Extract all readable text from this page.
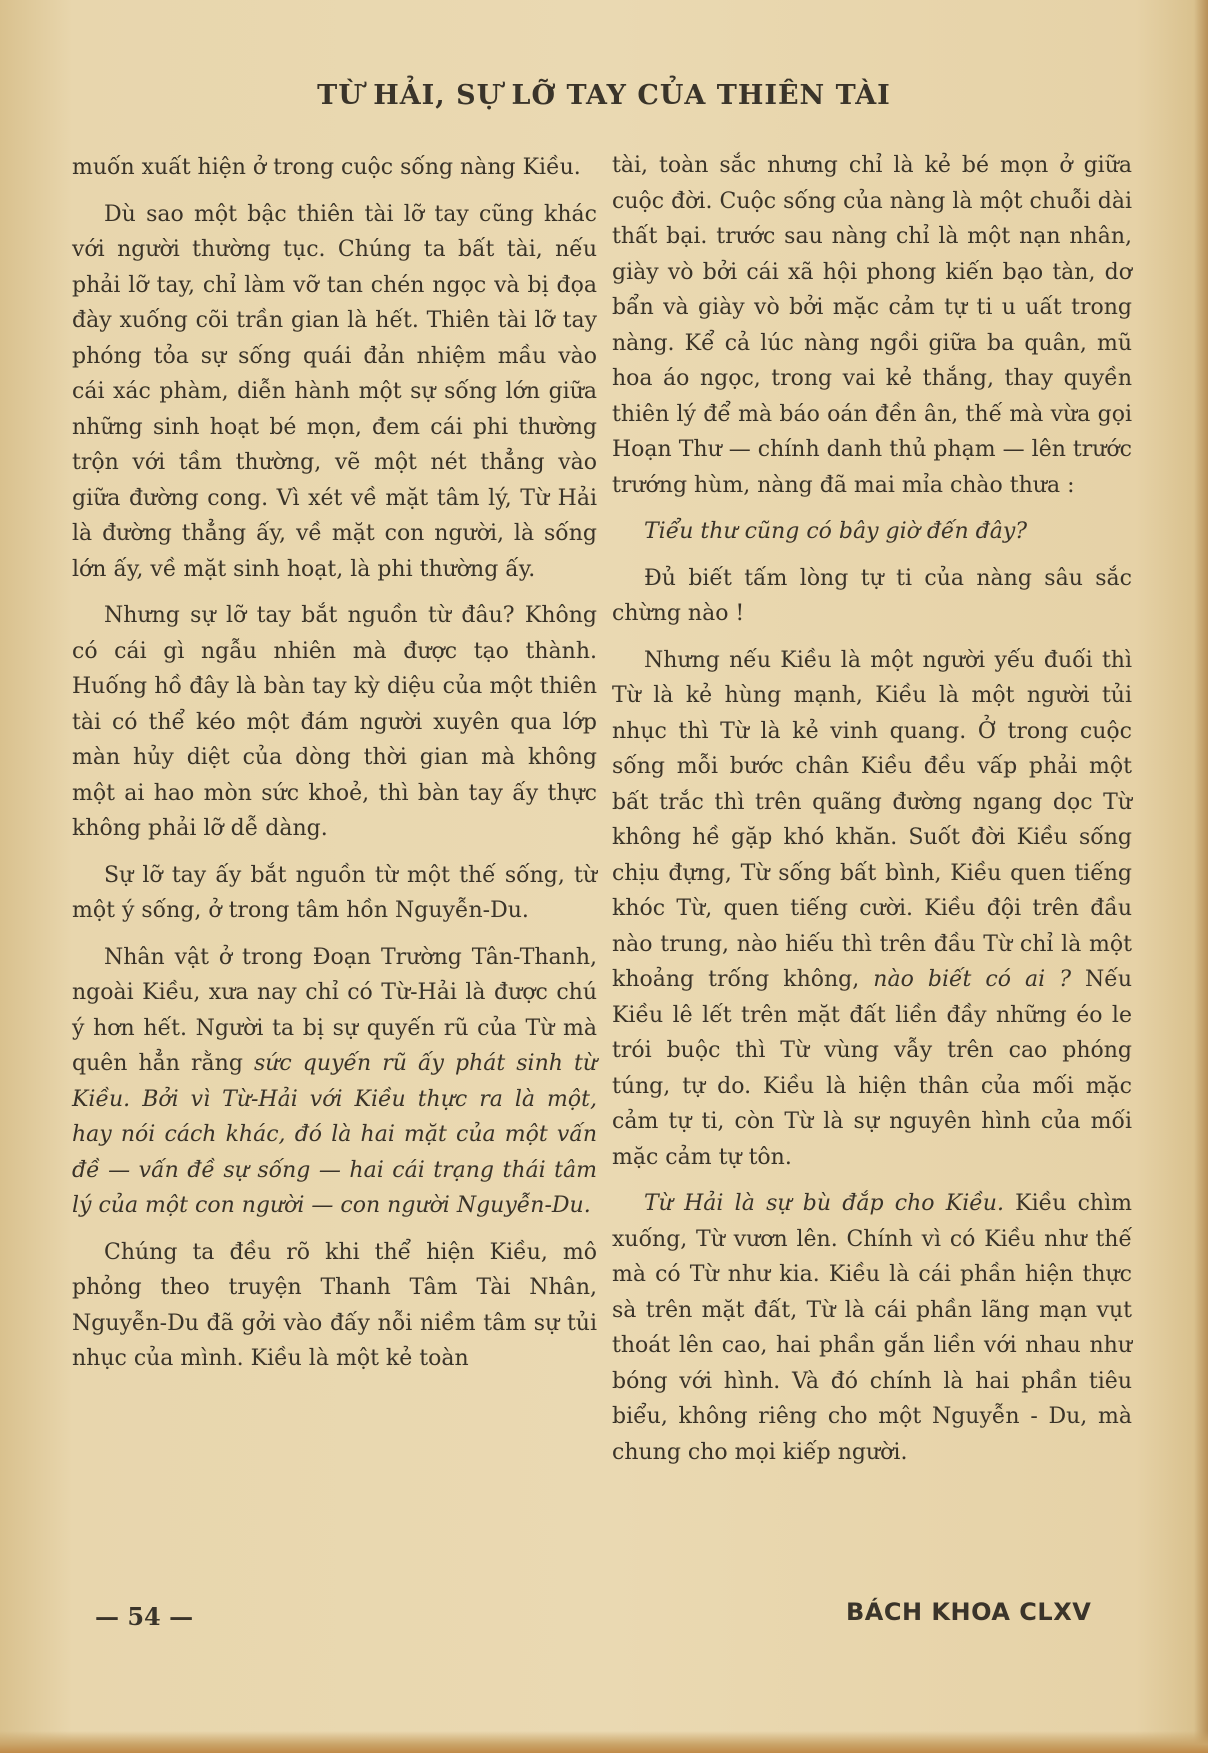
TỪ HẢI, SỰ LỠ TAY CỦA THIÊN TÀI

muốn xuất hiện ở trong cuộc sống nàng Kiều.

Dù sao một bậc thiên tài lỡ tay cũng khác với người thường tục. Chúng ta bất tài, nếu phải lỡ tay, chỉ làm vỡ tan chén ngọc và bị đọa đày xuống cõi trần gian là hết. Thiên tài lỡ tay phóng tỏa sự sống quái đản nhiệm mầu vào cái xác phàm, diễn hành một sự sống lớn giữa những sinh hoạt bé mọn, đem cái phi thường trộn với tầm thường, vẽ một nét thẳng vào giữa đường cong. Vì xét về mặt tâm lý, Từ Hải là đường thẳng ấy, về mặt con người, là sống lớn ấy, về mặt sinh hoạt, là phi thường ấy.

Nhưng sự lỡ tay bắt nguồn từ đâu? Không có cái gì ngẫu nhiên mà được tạo thành. Huống hồ đây là bàn tay kỳ diệu của một thiên tài có thể kéo một đám người xuyên qua lớp màn hủy diệt của dòng thời gian mà không một ai hao mòn sức khoẻ, thì bàn tay ấy thực không phải lỡ dễ dàng.

Sự lỡ tay ấy bắt nguồn từ một thế sống, từ một ý sống, ở trong tâm hồn Nguyễn-Du.

Nhân vật ở trong Đoạn Trường Tân-Thanh, ngoài Kiều, xưa nay chỉ có Từ-Hải là được chú ý hơn hết. Người ta bị sự quyến rũ của Từ mà quên hẳn rằng sức quyến rũ ấy phát sinh từ Kiều. Bởi vì Từ-Hải với Kiều thực ra là một, hay nói cách khác, đó là hai mặt của một vấn đề — vấn đề sự sống — hai cái trạng thái tâm lý của một con người — con người Nguyễn-Du.

Chúng ta đều rõ khi thể hiện Kiều, mô phỏng theo truyện Thanh Tâm Tài Nhân, Nguyễn-Du đã gởi vào đấy nỗi niềm tâm sự tủi nhục của mình. Kiều là một kẻ toàn

tài, toàn sắc nhưng chỉ là kẻ bé mọn ở giữa cuộc đời. Cuộc sống của nàng là một chuỗi dài thất bại. trước sau nàng chỉ là một nạn nhân, giày vò bởi cái xã hội phong kiến bạo tàn, dơ bẩn và giày vò bởi mặc cảm tự ti u uất trong nàng. Kể cả lúc nàng ngồi giữa ba quân, mũ hoa áo ngọc, trong vai kẻ thắng, thay quyền thiên lý để mà báo oán đền ân, thế mà vừa gọi Hoạn Thư — chính danh thủ phạm — lên trước trướng hùm, nàng đã mai mỉa chào thưa :

Tiểu thư cũng có bây giờ đến đây?

Đủ biết tấm lòng tự ti của nàng sâu sắc chừng nào !

Nhưng nếu Kiều là một người yếu đuối thì Từ là kẻ hùng mạnh, Kiều là một người tủi nhục thì Từ là kẻ vinh quang. Ở trong cuộc sống mỗi bước chân Kiều đều vấp phải một bất trắc thì trên quãng đường ngang dọc Từ không hề gặp khó khăn. Suốt đời Kiều sống chịu đựng, Từ sống bất bình, Kiều quen tiếng khóc Từ, quen tiếng cười. Kiều đội trên đầu nào trung, nào hiếu thì trên đầu Từ chỉ là một khoảng trống không, nào biết có ai ? Nếu Kiều lê lết trên mặt đất liền đầy những éo le trói buộc thì Từ vùng vẫy trên cao phóng túng, tự do. Kiều là hiện thân của mối mặc cảm tự ti, còn Từ là sự nguyên hình của mối mặc cảm tự tôn.

Từ Hải là sự bù đắp cho Kiều. Kiều chìm xuống, Từ vươn lên. Chính vì có Kiều như thế mà có Từ như kia. Kiều là cái phần hiện thực sà trên mặt đất, Từ là cái phần lãng mạn vụt thoát lên cao, hai phần gắn liền với nhau như bóng với hình. Và đó chính là hai phần tiêu biểu, không riêng cho một Nguyễn - Du, mà chung cho mọi kiếp người.

— 54 —	BÁCH KHOA CLXV
